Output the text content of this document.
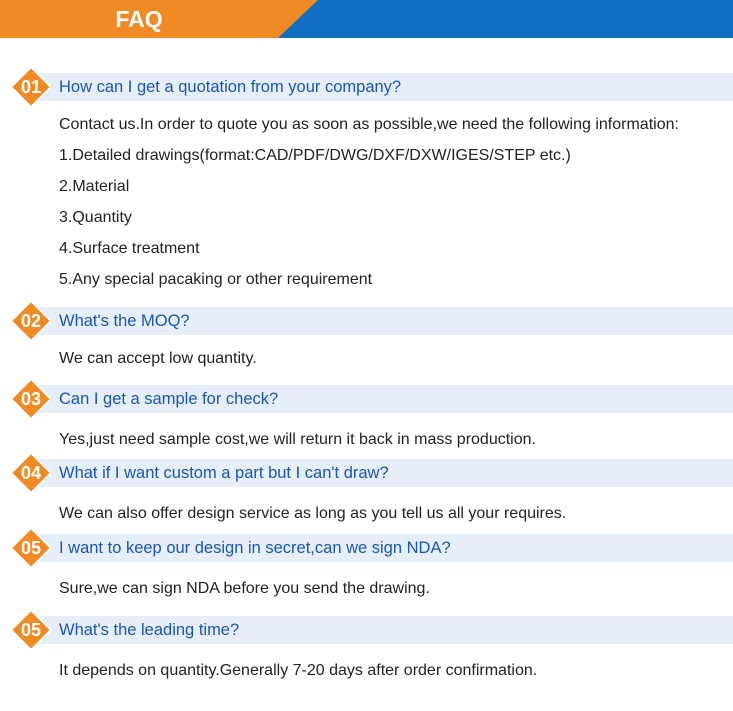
FAQ
01	How can I get a quotation from your company?
Contact us.In order to quote you as soon as possible,we need the following information:
1.Detailed drawings(format:CAD/PDF/DWG/DXF/DXW/IGES/STEP etc.)
2.Material
3.Quantity
4.Surface treatment
5.Any special pacaking or other requirement
02	What's the MOQ?
We can accept low quantity.
03	Can I get a sample for check?
Yes,just need sample cost,we will return it back in mass production.
04	What if I want custom a part but I can't draw?
We can also offer design service as long as you tell us all your requires.
05	I want to keep our design in secret,can we sign NDA?
Sure,we can sign NDA before you send the drawing.
05	What's the leading time?
It depends on quantity.Generally 7-20 days after order confirmation.
